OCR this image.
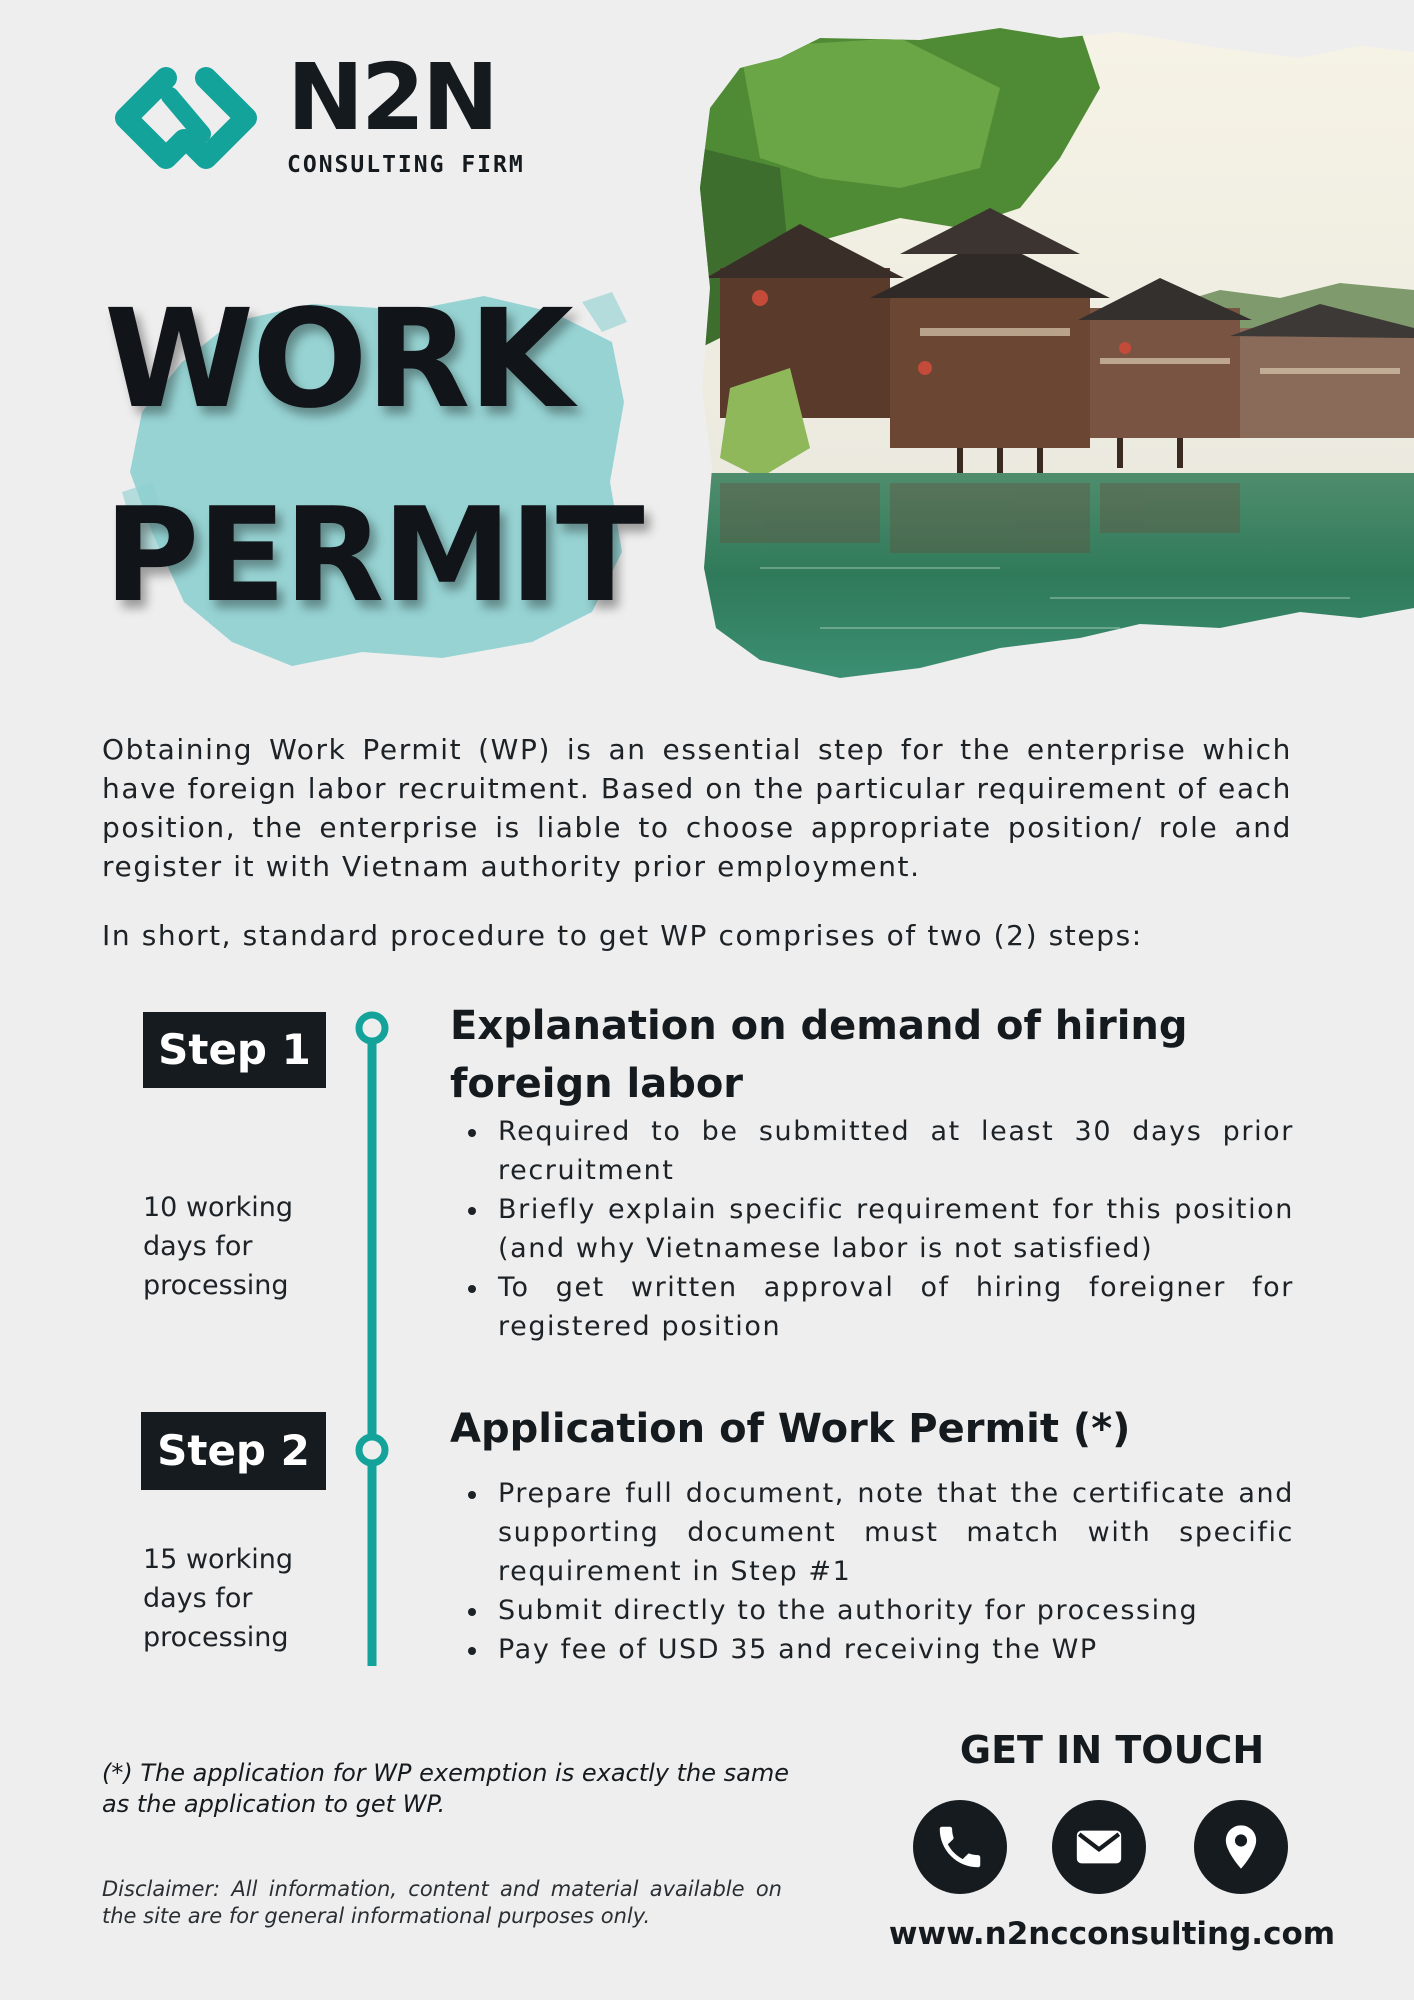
N2N
CONSULTING FIRM
WORK
PERMIT
Obtaining Work Permit (WP) is an essential step for the enterprise which have foreign labor recruitment. Based on the particular requirement of each position, the enterprise is liable to choose appropriate position/ role and register it with Vietnam authority prior employment.
In short, standard procedure to get WP comprises of two (2) steps:
Step 1
10 working days for processing
Step 2
15 working days for processing
Explanation on demand of hiring foreign labor
Required to be submitted at least 30 days prior recruitment
Briefly explain specific requirement for this position (and why Vietnamese labor is not satisfied)
To get written approval of hiring foreigner for registered position
Application of Work Permit (*)
Prepare full document, note that the certificate and supporting document must match with specific requirement in Step #1
Submit directly to the authority for processing
Pay fee of USD 35 and receiving the WP
(*) The application for WP exemption is exactly the same as the application to get WP.
Disclaimer: All information, content and material available on the site are for general informational purposes only.
GET IN TOUCH
www.n2ncconsulting.com
